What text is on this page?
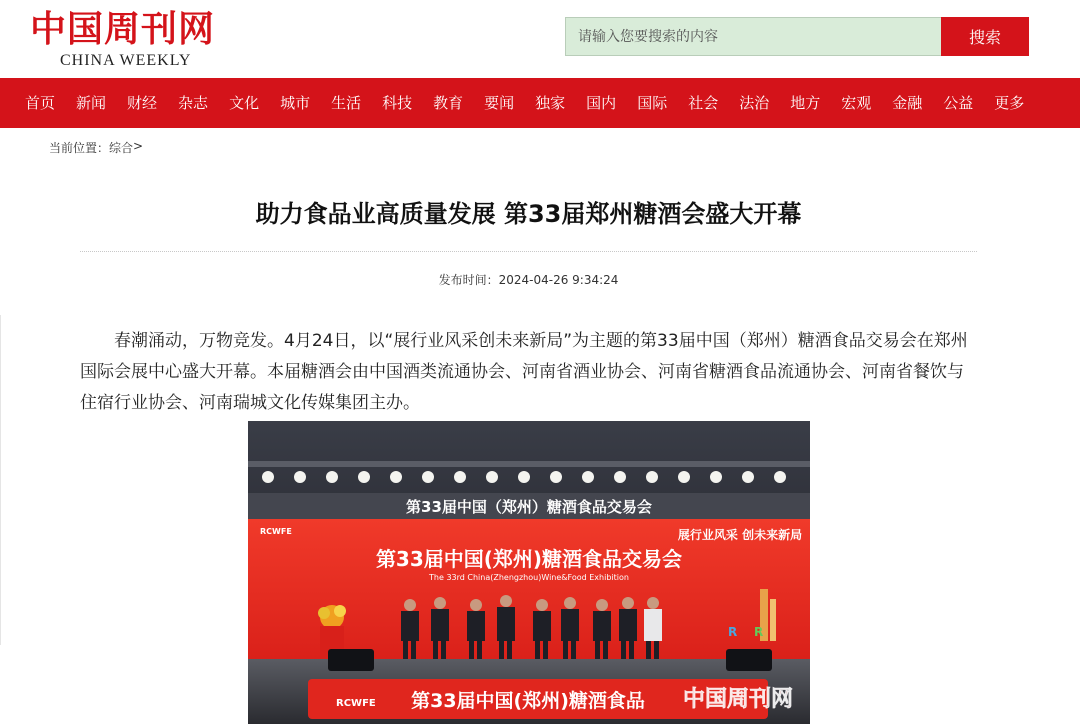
中国周刊网
CHINA WEEKLY
请输入您要搜索的内容
搜索
首页 新闻 财经 杂志 文化 城市 生活 科技 教育 要闻 独家 国内 国际 社会 法治 地方 宏观 金融 公益 更多
当前位置： 综合 >
助力食品业高质量发展 第33届郑州糖酒会盛大开幕
发布时间：2024-04-26 9:34:24

春潮涌动，万物竞发。4月24日，以“展行业风采创未来新局”为主题的第33届中国（郑州）糖酒食品交易会在郑州国际会展中心盛大开幕。本届糖酒会由中国酒类流通协会、河南省酒业协会、河南省糖酒食品流通协会、河南省餐饮与住宿行业协会、河南瑞城文化传媒集团主办。

第33届中国（郑州）糖酒食品交易会
RCWFE	展行业风采 创未来新局
第33届中国(郑州)糖酒食品交易会
The 33rd China(Zhengzhou)Wine&Food Exhibition
R
R
RCWFE 第33届中国(郑州)糖酒食品 中国周刊网
